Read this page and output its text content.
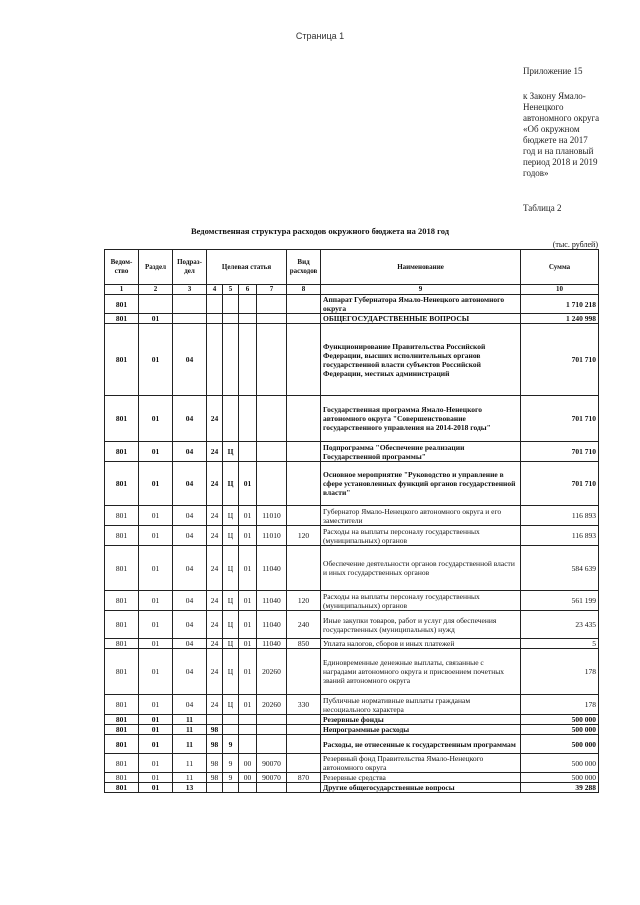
Страница 1
Приложение 15
к Закону Ямало-
Ненецкого
автономного округа
«Об окружном
бюджете на 2017
год и на плановый
период 2018 и 2019
годов»
Таблица 2
Ведомственная структура расходов окружного бюджета на 2018 год
(тыс. рублей)
Ведом-ство	Раздел	Подраз-дел	Целевая статья				Вид расходов	Наименование	Сумма
1	2	3	4	5	6	7	8	9	10
801								Аппарат Губернатора Ямало-Ненецкого автономного округа	1 710 218
801	01							ОБЩЕГОСУДАРСТВЕННЫЕ ВОПРОСЫ	1 240 998
801	01	04						Функционирование Правительства Российской Федерации, высших исполнительных органов государственной власти субъектов Российской Федерации, местных администраций	701 710
801	01	04	24					Государственная программа Ямало-Ненецкого автономного округа "Совершенствование государственного управления на 2014-2018 годы"	701 710
801	01	04	24	Ц				Подпрограмма "Обеспечение реализации Государственной программы"	701 710
801	01	04	24	Ц	01			Основное мероприятие "Руководство и управление в сфере установленных функций органов государственной власти"	701 710
801	01	04	24	Ц	01	11010		Губернатор Ямало-Ненецкого автономного округа и его заместители	116 893
801	01	04	24	Ц	01	11010	120	Расходы на выплаты персоналу государственных (муниципальных) органов	116 893
801	01	04	24	Ц	01	11040		Обеспечение деятельности органов государственной власти и иных государственных органов	584 639
801	01	04	24	Ц	01	11040	120	Расходы на выплаты персоналу государственных (муниципальных) органов	561 199
801	01	04	24	Ц	01	11040	240	Иные закупки товаров, работ и услуг для обеспечения государственных (муниципальных) нужд	23 435
801	01	04	24	Ц	01	11040	850	Уплата налогов, сборов и иных платежей	5
801	01	04	24	Ц	01	20260		Единовременные денежные выплаты, связанные с наградами автономного округа и присвоением почетных званий автономного округа	178
801	01	04	24	Ц	01	20260	330	Публичные нормативные выплаты гражданам несоциального характера	178
801	01	11						Резервные фонды	500 000
801	01	11	98					Непрограммные расходы	500 000
801	01	11	98	9				Расходы, не отнесенные к государственным программам	500 000
801	01	11	98	9	00	90070		Резервный фонд Правительства Ямало-Ненецкого автономного округа	500 000
801	01	11	98	9	00	90070	870	Резервные средства	500 000
801	01	13						Другие общегосударственные вопросы	39 288
